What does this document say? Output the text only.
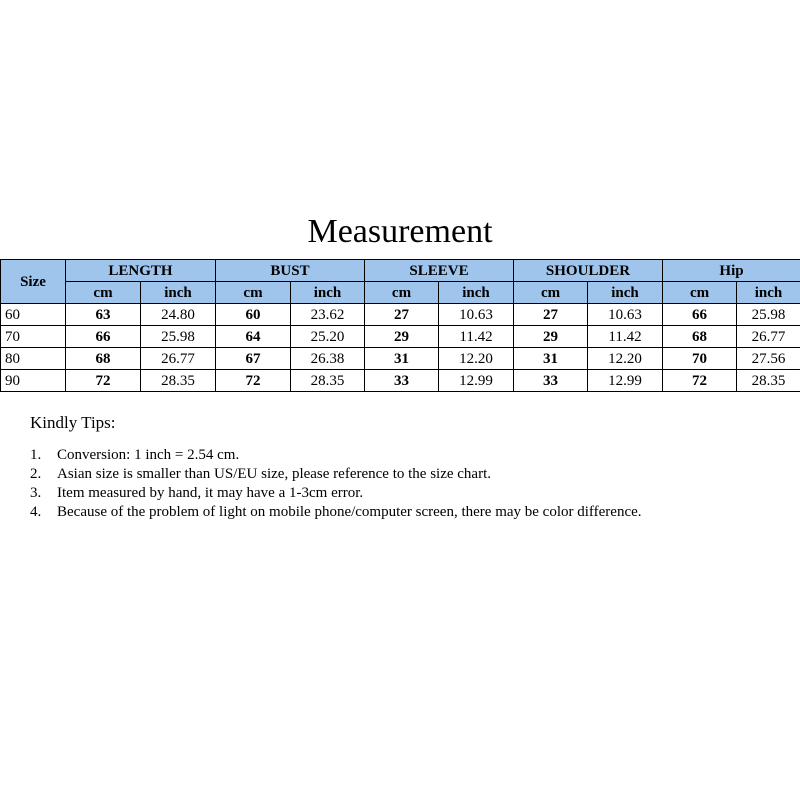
Measurement
Size	LENGTH		BUST		SLEEVE		SHOULDER		Hip	
	cm	inch	cm	inch	cm	inch	cm	inch	cm	inch
60	63	24.80	60	23.62	27	10.63	27	10.63	66	25.98
70	66	25.98	64	25.20	29	11.42	29	11.42	68	26.77
80	68	26.77	67	26.38	31	12.20	31	12.20	70	27.56
90	72	28.35	72	28.35	33	12.99	33	12.99	72	28.35
Kindly Tips:
1. Conversion: 1 inch = 2.54 cm.
2. Asian size is smaller than US/EU size, please reference to the size chart.
3. Item measured by hand, it may have a 1-3cm error.
4. Because of the problem of light on mobile phone/computer screen, there may be color difference.
